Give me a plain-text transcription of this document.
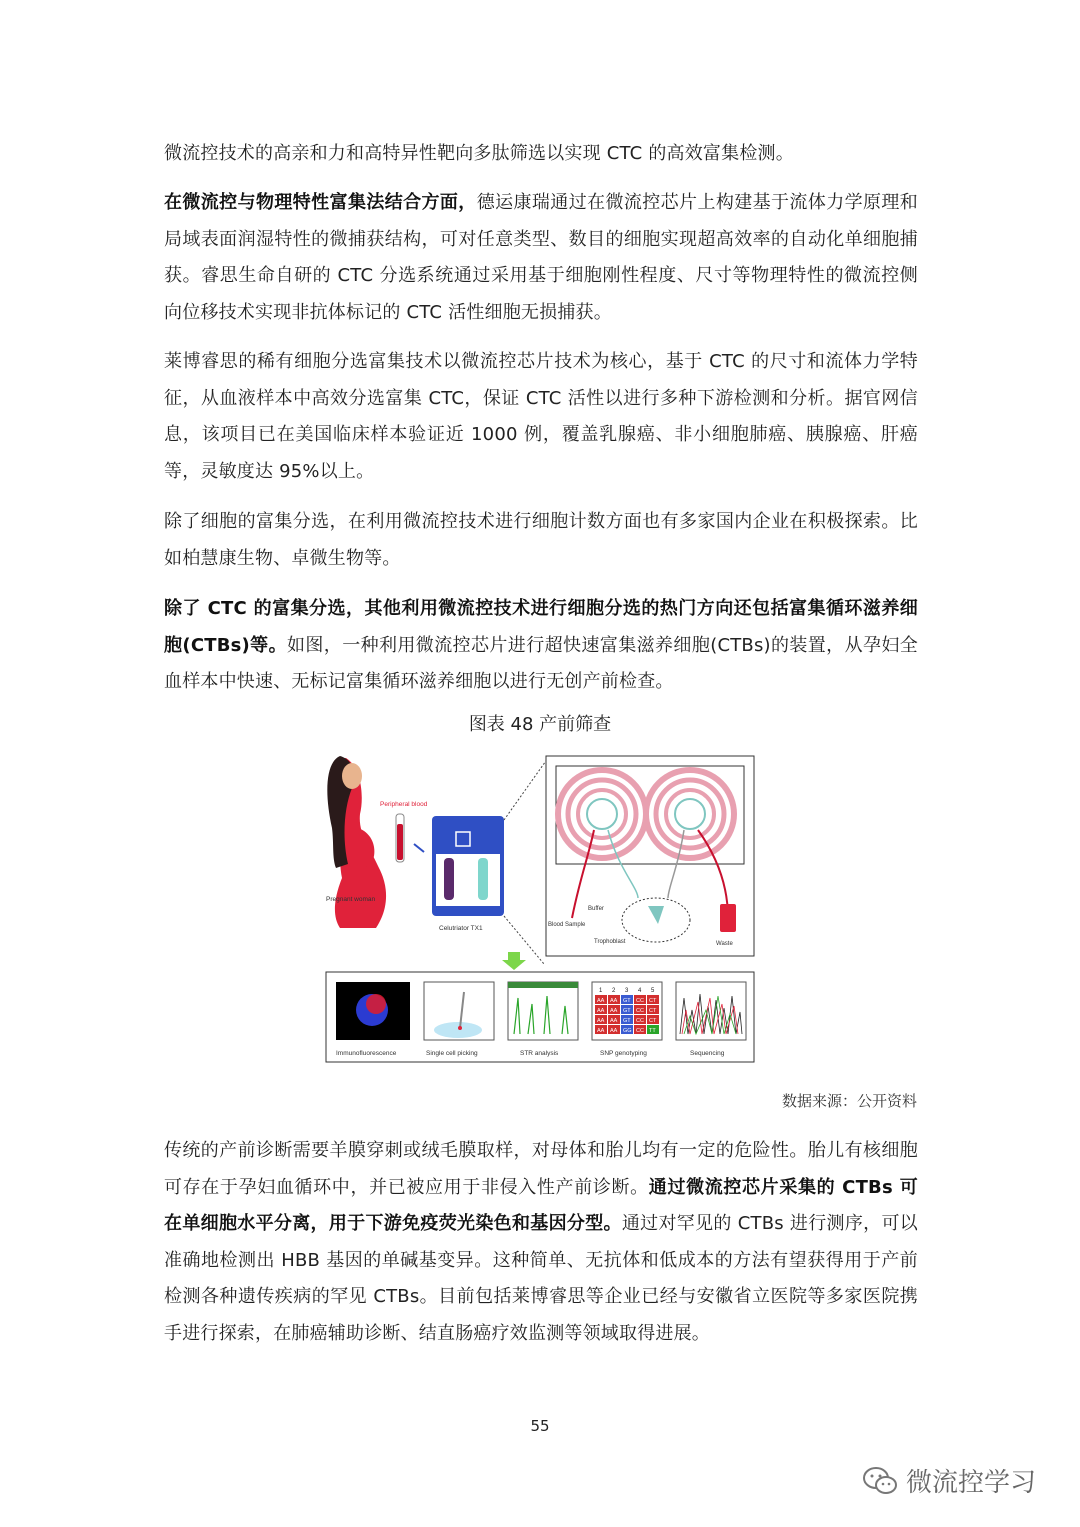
微流控技术的高亲和力和高特异性靶向多肽筛选以实现 CTC 的高效富集检测。

在微流控与物理特性富集法结合方面，德运康瑞通过在微流控芯片上构建基于流体力学原理和局域表面润湿特性的微捕获结构，可对任意类型、数目的细胞实现超高效率的自动化单细胞捕获。睿思生命自研的 CTC 分选系统通过采用基于细胞刚性程度、尺寸等物理特性的微流控侧向位移技术实现非抗体标记的 CTC 活性细胞无损捕获。

莱博睿思的稀有细胞分选富集技术以微流控芯片技术为核心，基于 CTC 的尺寸和流体力学特征，从血液样本中高效分选富集 CTC，保证 CTC 活性以进行多种下游检测和分析。据官网信息，该项目已在美国临床样本验证近 1000 例，覆盖乳腺癌、非小细胞肺癌、胰腺癌、肝癌等，灵敏度达 95%以上。

除了细胞的富集分选，在利用微流控技术进行细胞计数方面也有多家国内企业在积极探索。比如柏慧康生物、卓微生物等。

除了 CTC 的富集分选，其他利用微流控技术进行细胞分选的热门方向还包括富集循环滋养细胞(CTBs)等。如图，一种利用微流控芯片进行超快速富集滋养细胞(CTBs)的装置，从孕妇全血样本中快速、无标记富集循环滋养细胞以进行无创产前检查。

图表 48 产前筛查
Peripheral blood
Pregnant woman
Celutriator TX1
Buffer
Blood Sample
Trophoblast	Waste
1 2 3 4 5
AA AA GT CC CT
AA AA GT CC CT
AA AA GT CC CT
AA AA GG CC TT
Immunofluorescence	Single cell picking	STR analysis	SNP genotyping	Sequencing
数据来源：公开资料

传统的产前诊断需要羊膜穿刺或绒毛膜取样，对母体和胎儿均有一定的危险性。胎儿有核细胞可存在于孕妇血循环中，并已被应用于非侵入性产前诊断。通过微流控芯片采集的 CTBs 可在单细胞水平分离，用于下游免疫荧光染色和基因分型。通过对罕见的 CTBs 进行测序，可以准确地检测出 HBB 基因的单碱基变异。这种简单、无抗体和低成本的方法有望获得用于产前检测各种遗传疾病的罕见 CTBs。目前包括莱博睿思等企业已经与安徽省立医院等多家医院携手进行探索，在肺癌辅助诊断、结直肠癌疗效监测等领域取得进展。

55
微流控学习
